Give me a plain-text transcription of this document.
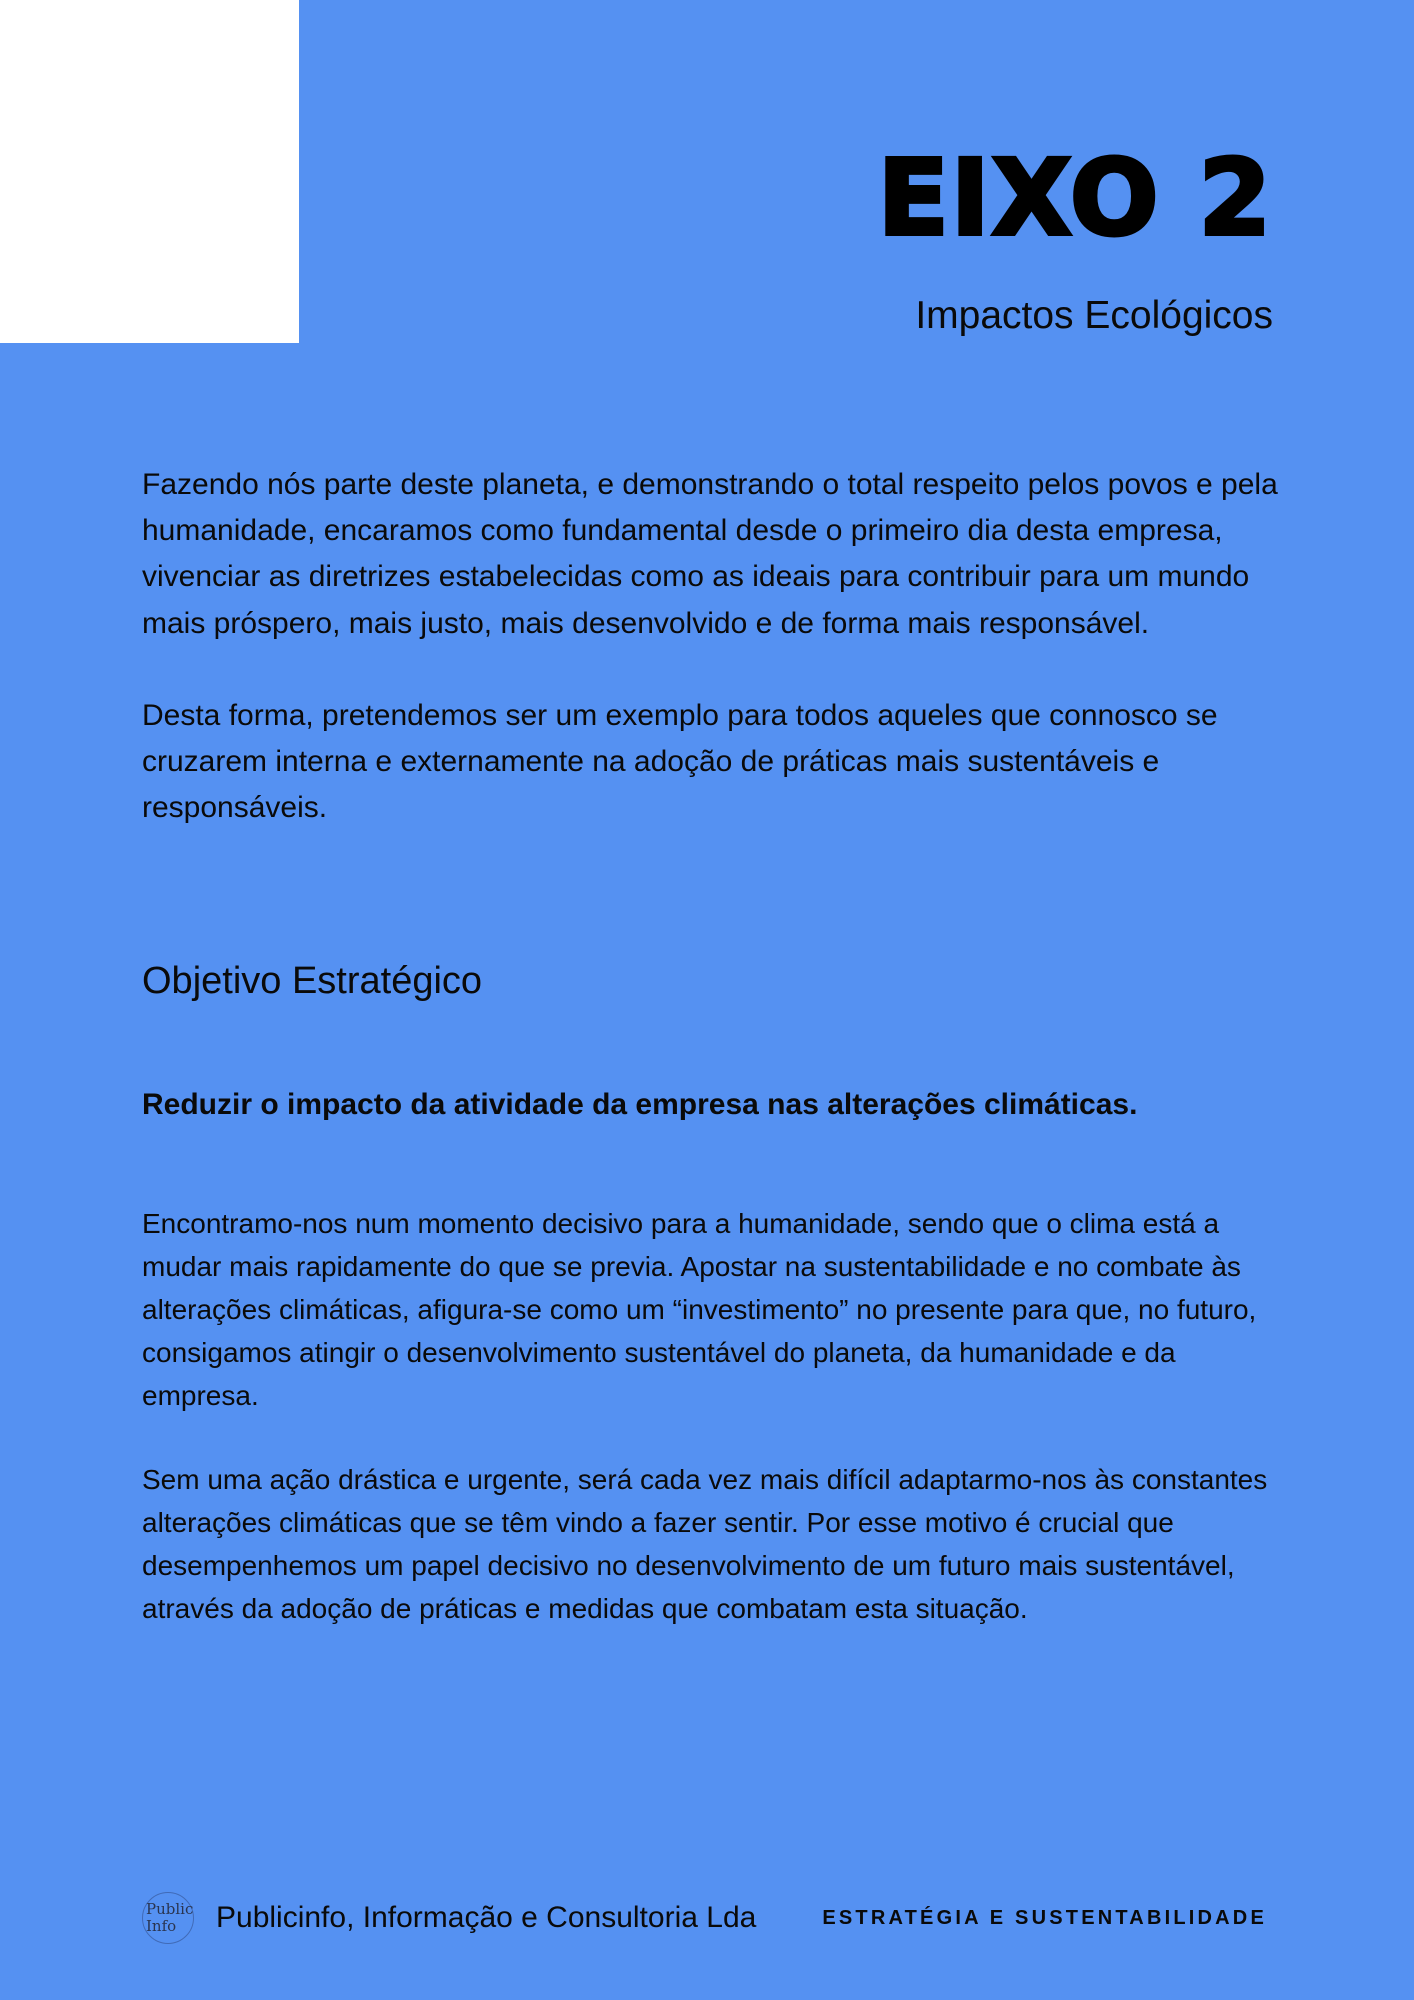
EIXO 2
Impactos Ecológicos

Fazendo nós parte deste planeta, e demonstrando o total respeito pelos povos e pela humanidade, encaramos como fundamental desde o primeiro dia desta empresa, vivenciar as diretrizes estabelecidas como as ideais para contribuir para um mundo mais próspero, mais justo, mais desenvolvido e de forma mais responsável.

Desta forma, pretendemos ser um exemplo para todos aqueles que connosco se cruzarem interna e externamente na adoção de práticas mais sustentáveis e responsáveis.

Objetivo Estratégico

Reduzir o impacto da atividade da empresa nas alterações climáticas.

Encontramo-nos num momento decisivo para a humanidade, sendo que o clima está a mudar mais rapidamente do que se previa. Apostar na sustentabilidade e no combate às alterações climáticas, afigura-se como um “investimento” no presente para que, no futuro, consigamos atingir o desenvolvimento sustentável do planeta, da humanidade e da empresa.

Sem uma ação drástica e urgente, será cada vez mais difícil adaptarmo-nos às constantes alterações climáticas que se têm vindo a fazer sentir. Por esse motivo é crucial que desempenhemos um papel decisivo no desenvolvimento de um futuro mais sustentável, através da adoção de práticas e medidas que combatam esta situação.

Public
Info	Publicinfo, Informação e Consultoria Lda	ESTRATÉGIA E SUSTENTABILIDADE
